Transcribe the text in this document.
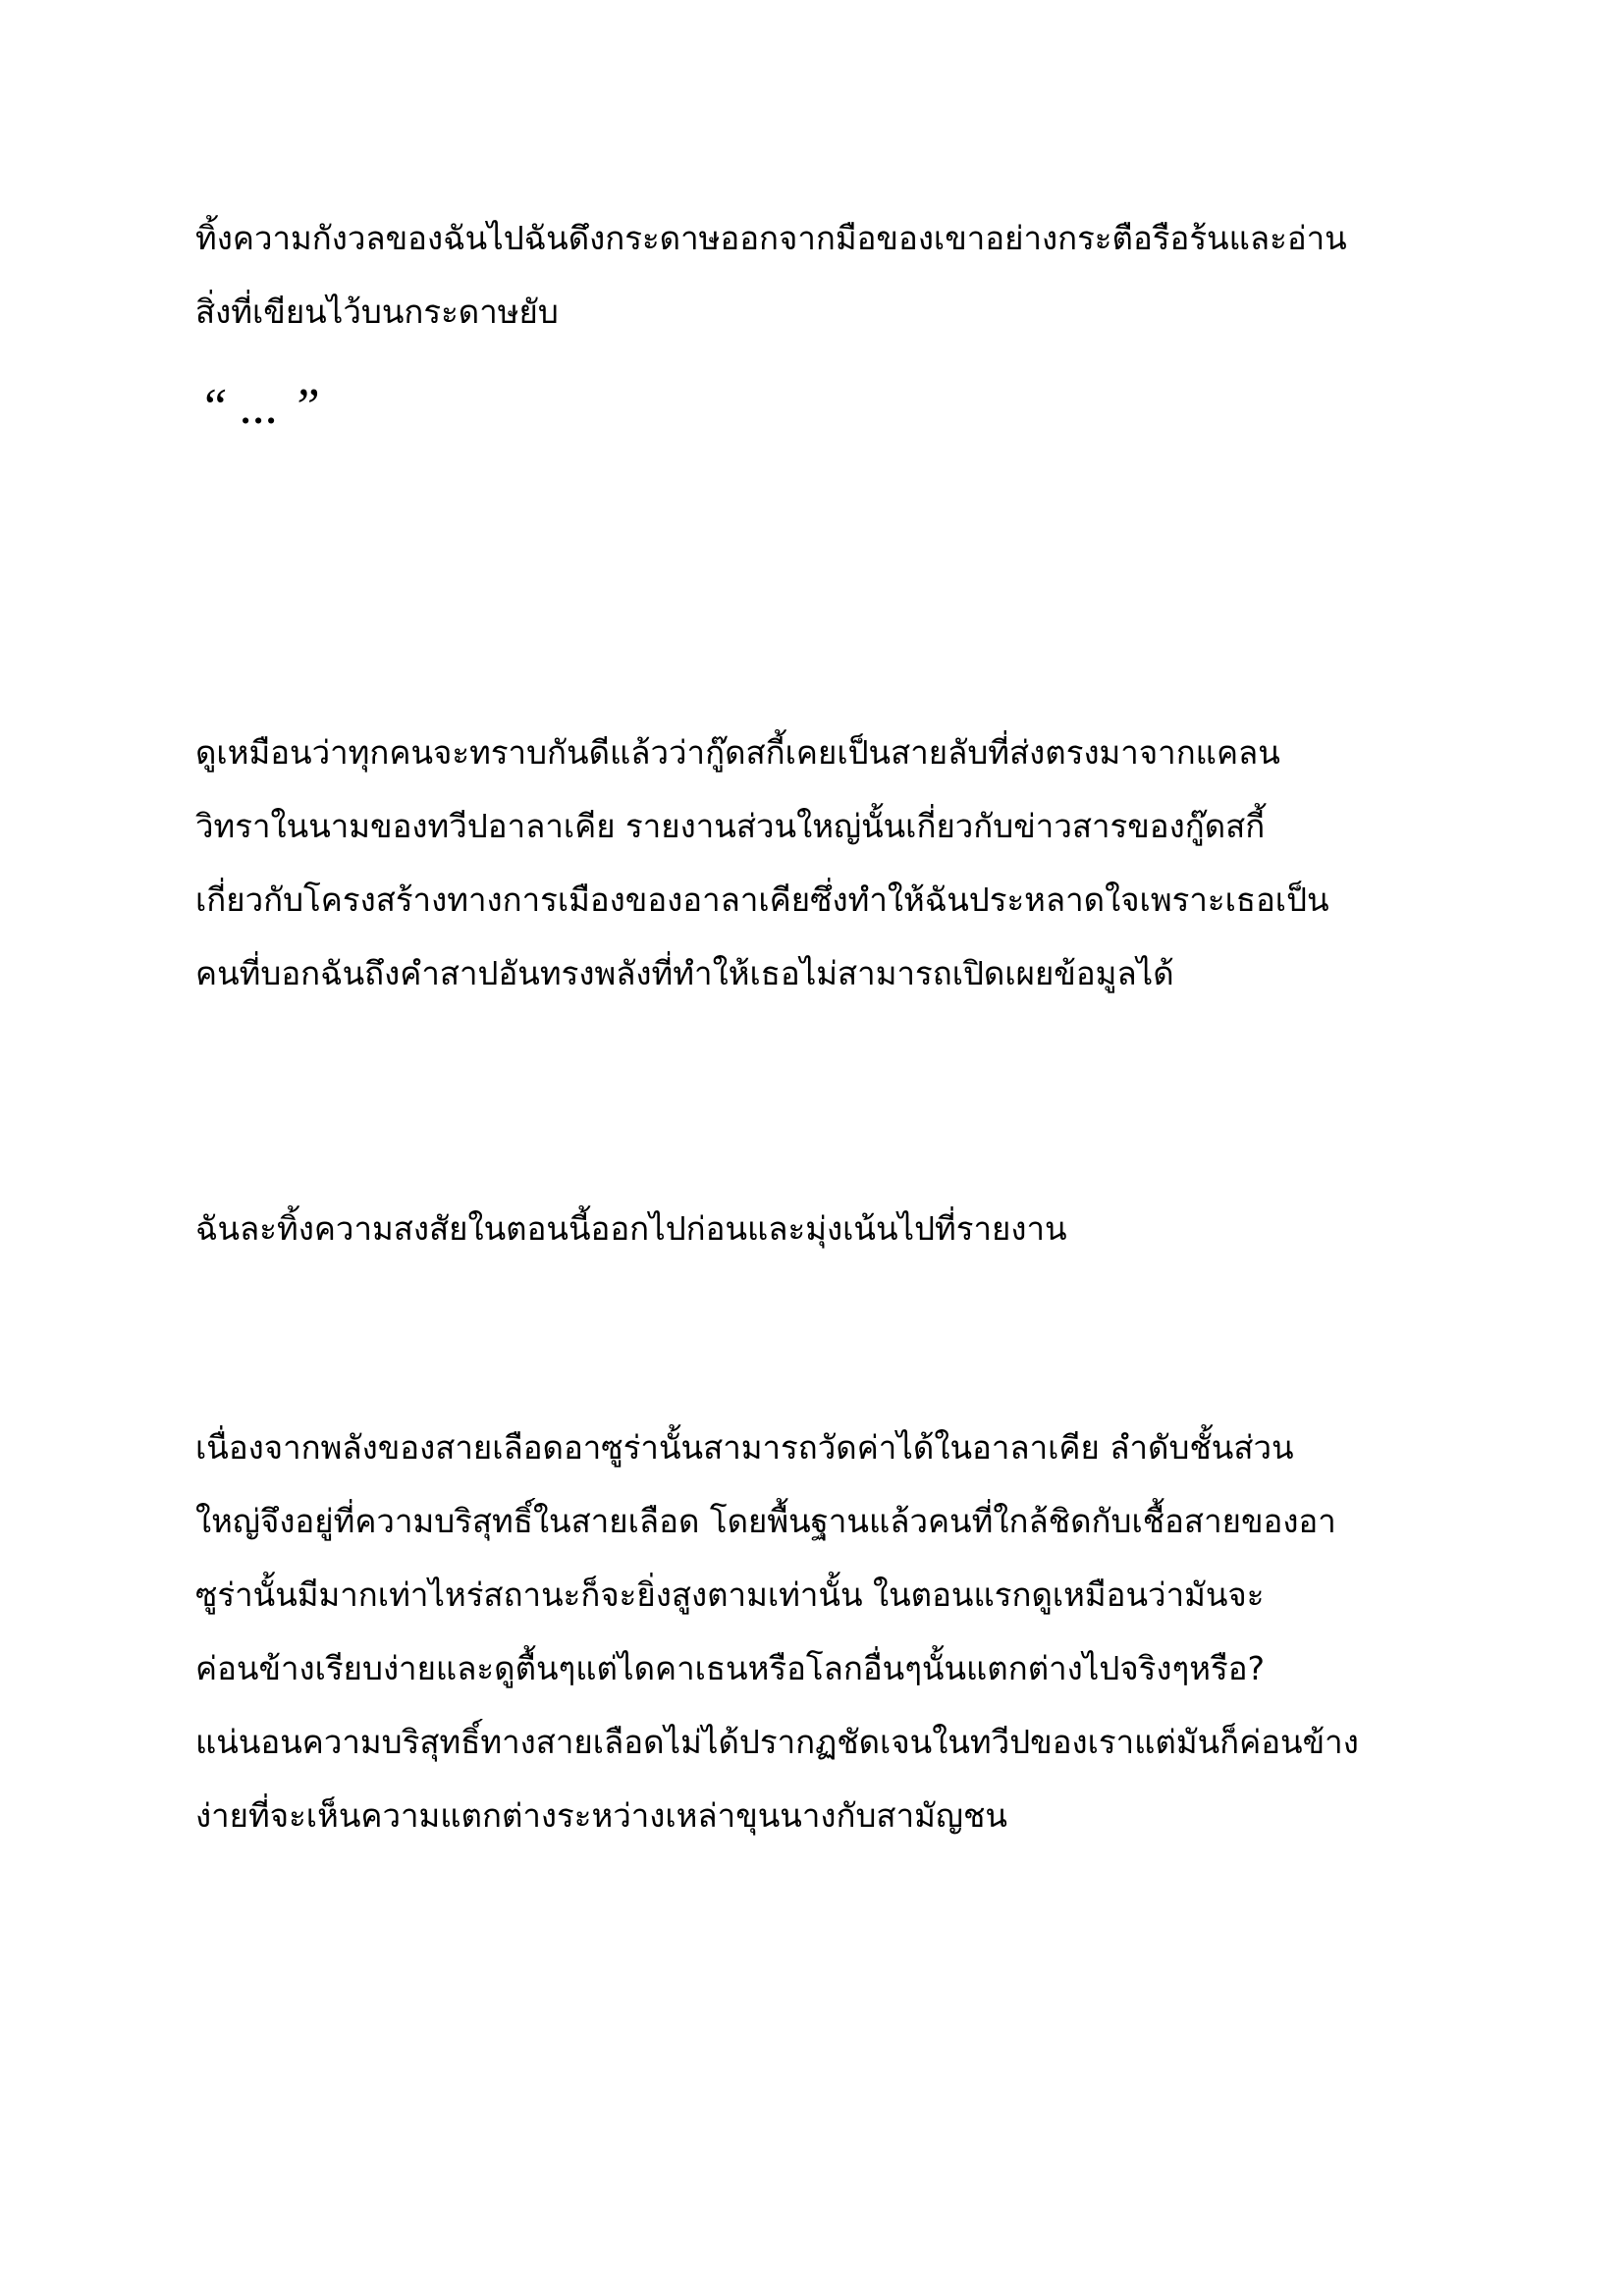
ทิ้งความกังวลของฉันไปฉันดึงกระดาษออกจากมือของเขาอย่างกระตือรือร้นและอ่าน
สิ่งที่เขียนไว้บนกระดาษยับ

“ ... ”

ดูเหมือนว่าทุกคนจะทราบกันดีแล้วว่ากู๊ดสกี้เคยเป็นสายลับที่ส่งตรงมาจากแคลน
วิทราในนามของทวีปอาลาเคีย รายงานส่วนใหญ่นั้นเกี่ยวกับข่าวสารของกู๊ดสกี้
เกี่ยวกับโครงสร้างทางการเมืองของอาลาเคียซึ่งทำให้ฉันประหลาดใจเพราะเธอเป็น
คนที่บอกฉันถึงคำสาปอันทรงพลังที่ทำให้เธอไม่สามารถเปิดเผยข้อมูลได้

ฉันละทิ้งความสงสัยในตอนนี้ออกไปก่อนและมุ่งเน้นไปที่รายงาน

เนื่องจากพลังของสายเลือดอาซูร่านั้นสามารถวัดค่าได้ในอาลาเคีย ลำดับชั้นส่วน
ใหญ่จึงอยู่ที่ความบริสุทธิ์ในสายเลือด โดยพื้นฐานแล้วคนที่ใกล้ชิดกับเชื้อสายของอา
ซูร่านั้นมีมากเท่าไหร่สถานะก็จะยิ่งสูงตามเท่านั้น ในตอนแรกดูเหมือนว่ามันจะ
ค่อนข้างเรียบง่ายและดูตื้นๆแต่ไดคาเธนหรือโลกอื่นๆนั้นแตกต่างไปจริงๆหรือ?
แน่นอนความบริสุทธิ์ทางสายเลือดไม่ได้ปรากฏชัดเจนในทวีปของเราแต่มันก็ค่อนข้าง
ง่ายที่จะเห็นความแตกต่างระหว่างเหล่าขุนนางกับสามัญชน
